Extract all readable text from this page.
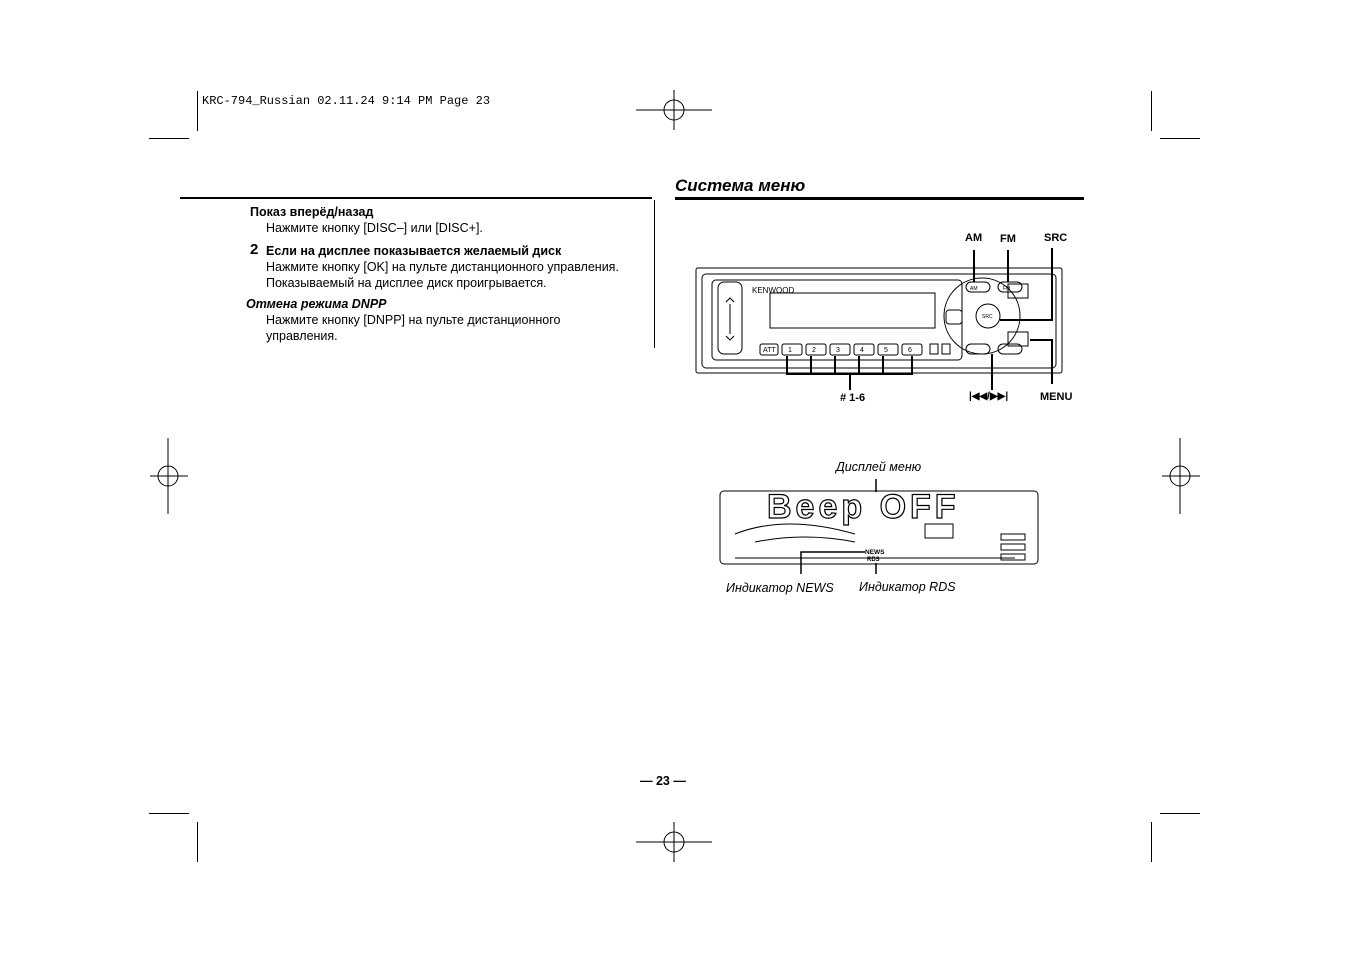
KRC-794_Russian 02.11.24 9:14 PM Page 23
Показ вперёд/назад
Нажмите кнопку [DISC–] или [DISC+].
2 Если на дисплее показывается желаемый диск
Нажмите кнопку [OK] на пульте дистанционного управления.
Показываемый на дисплее диск проигрывается.
Отмена режима DNPP
Нажмите кнопку [DNPP] на пульте дистанционного
управления.
Система меню
AM FM	SRC
# 1-6	|◀◀/▶▶|	MENU
KENWOOD
ATT 1	2	3	4	5	6
AM	FM
SRC
Дисплей меню
Beep OFF
NEWS
RDS
Индикатор NEWS Индикатор RDS
— 23 —
